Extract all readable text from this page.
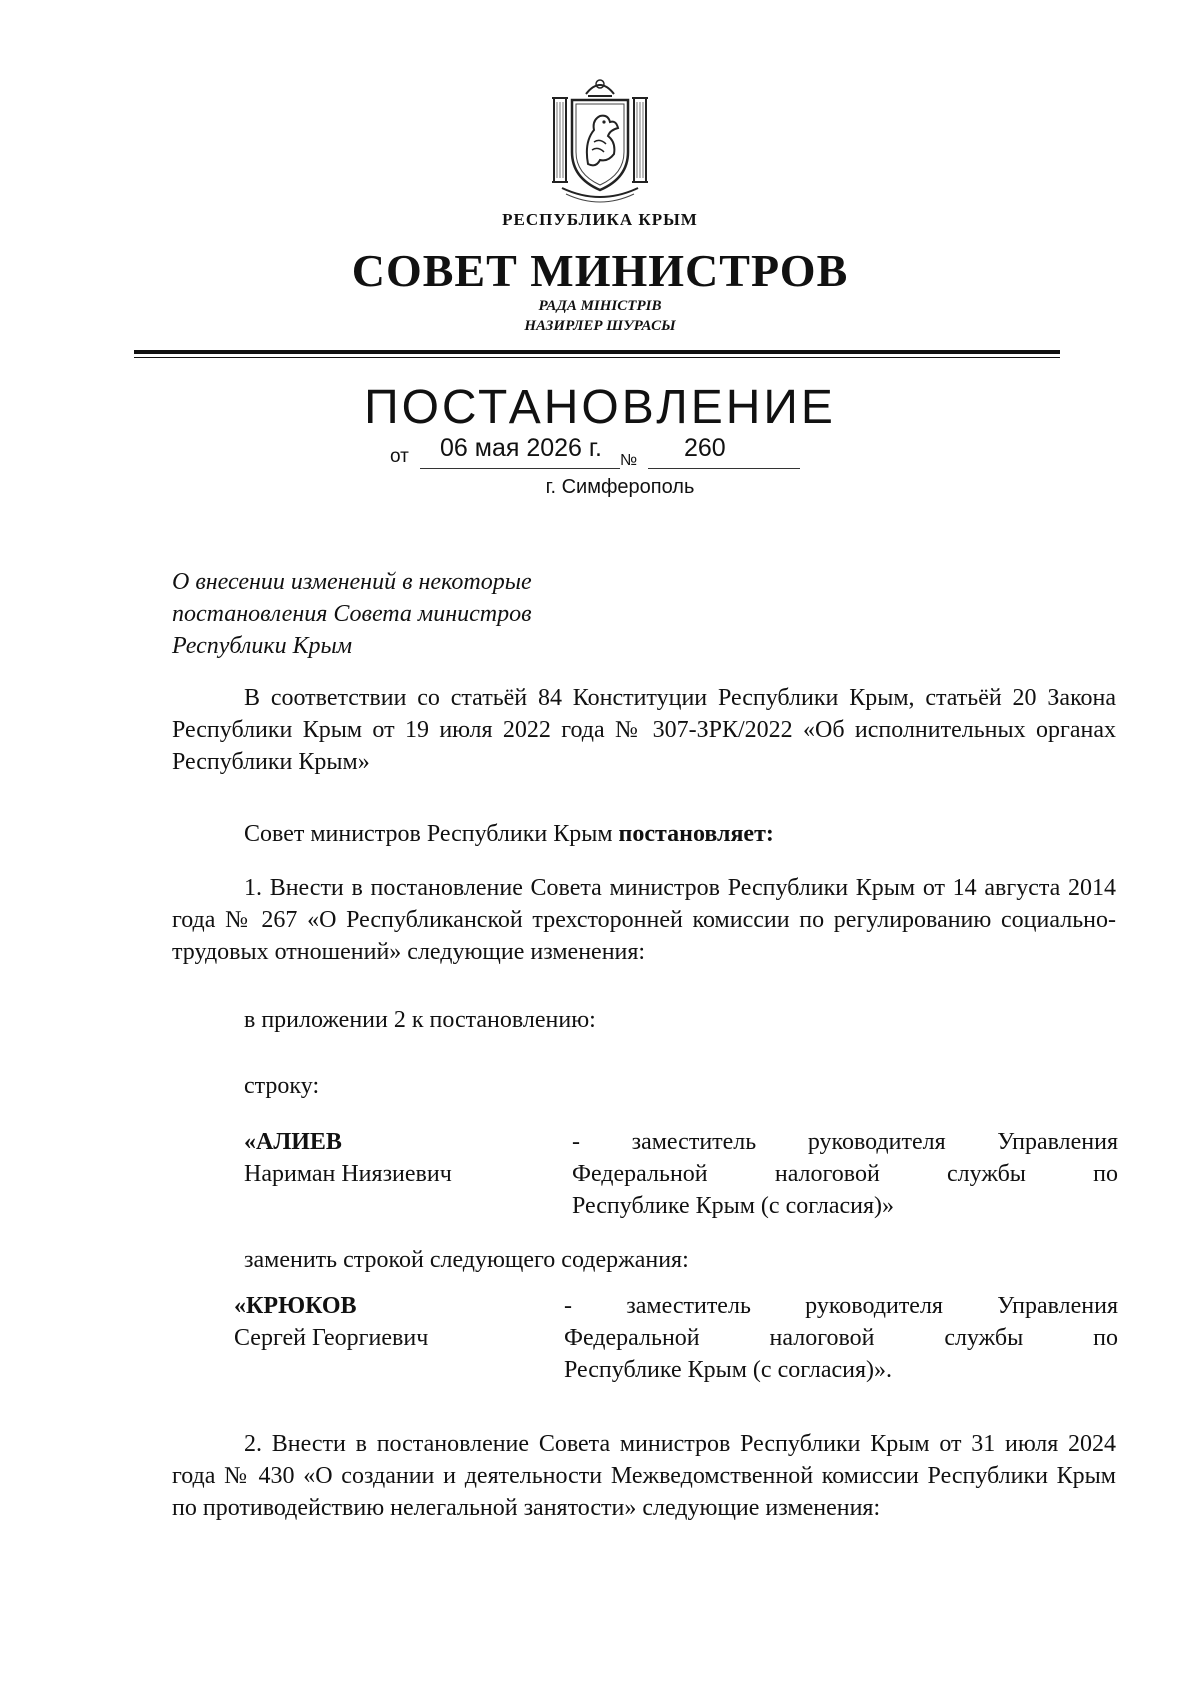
РЕСПУБЛИКА КРЫМ
СОВЕТ МИНИСТРОВ
РАДА МІНІСТРІВ
НАЗИРЛЕР ШУРАСЫ
ПОСТАНОВЛЕНИЕ
от 06 мая 2026 г. № 260
г. Симферополь
О внесении изменений в некоторые
постановления Совета министров
Республики Крым
В соответствии со статьёй 84 Конституции Республики Крым, статьёй 20 Закона Республики Крым от 19 июля 2022 года № 307-ЗРК/2022 «Об исполнительных органах Республики Крым»
Совет министров Республики Крым постановляет:
1. Внести в постановление Совета министров Республики Крым от 14 августа 2014 года № 267 «О Республиканской трехсторонней комиссии по регулированию социально-трудовых отношений» следующие изменения:
в приложении 2 к постановлению:
строку:
«АЛИЕВ
Нариман Ниязиевич
- заместитель руководителя Управления
Федеральной налоговой службы по
Республике Крым (с согласия)»
заменить строкой следующего содержания:
«КРЮКОВ
Сергей Георгиевич
- заместитель руководителя Управления
Федеральной налоговой службы по
Республике Крым (с согласия)».
2. Внести в постановление Совета министров Республики Крым от 31 июля 2024 года № 430 «О создании и деятельности Межведомственной комиссии Республики Крым по противодействию нелегальной занятости» следующие изменения:
